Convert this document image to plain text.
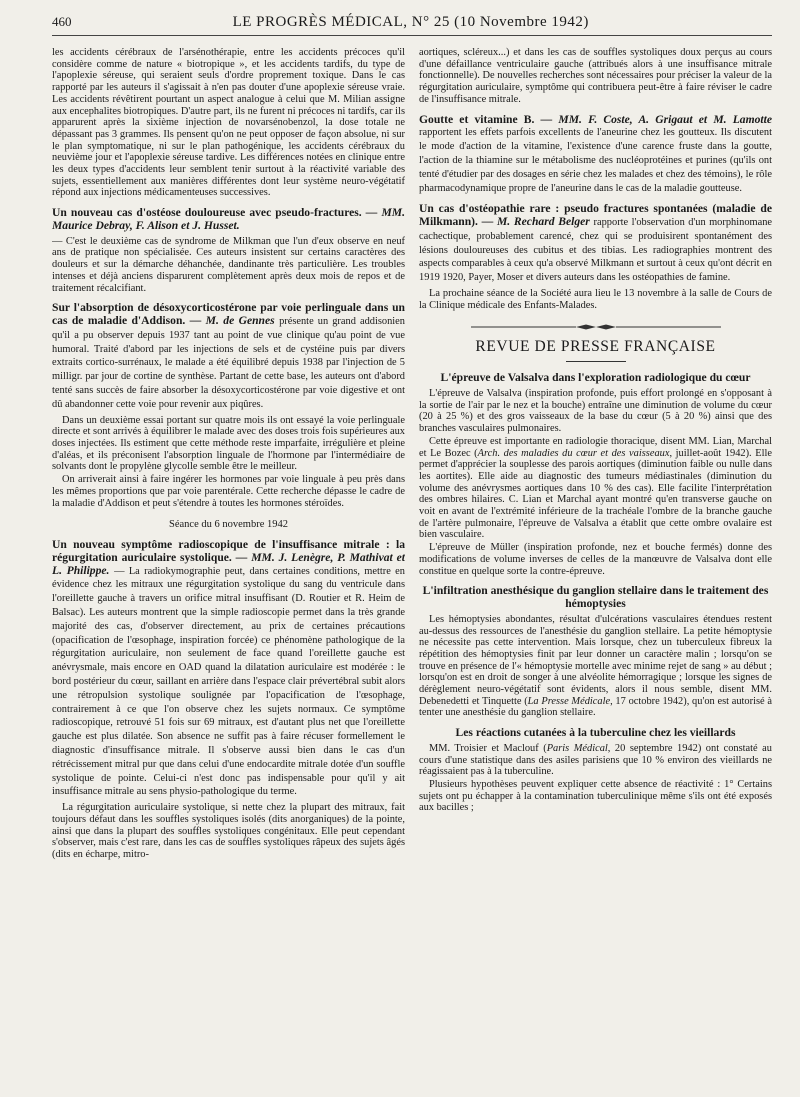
460	LE PROGRÈS MÉDICAL, N° 25 (10 Novembre 1942)

les accidents cérébraux de l'arsénothérapie, entre les accidents précoces qu'il considère comme de nature « biotropique », et les accidents tardifs, du type de l'apoplexie séreuse, qui seraient seuls d'ordre proprement toxique. Dans le cas rapporté par les auteurs il s'agissait à n'en pas douter d'une apoplexie séreuse vraie. Les accidents révêtirent pourtant un aspect analogue à celui que M. Milian assigne aux encephalites biotropiques. D'autre part, ils ne furent ni précoces ni tardifs, car ils apparurent après la sixième injection de novarsénobenzol, la dose totale ne dépassant pas 3 grammes. Ils pensent qu'on ne peut opposer de façon absolue, ni sur le plan symptomatique, ni sur le plan pathogénique, les accidents cérébraux du neuvième jour et l'apoplexie séreuse tardive. Les différences notées en clinique entre les deux types d'accidents leur semblent tenir surtout à la réactivité variable des sujets, essentiellement aux manières différentes dont leur système neuro-végétatif répond aux injections médicamenteuses successives.

Un nouveau cas d'ostéose douloureuse avec pseudo-fractures. — MM. Maurice Debray, F. Alison et J. Husset.

— C'est le deuxième cas de syndrome de Milkman que l'un d'eux observe en neuf ans de pratique non spécialisée. Ces auteurs insistent sur certains caractères des douleurs et sur la démarche déhanchée, dandinante très particulière. Les troubles intenses et déjà anciens disparurent complètement après deux mois de repos et de traitement récalcifiant.

Sur l'absorption de désoxycorticostérone par voie perlinguale dans un cas de maladie d'Addison. — M. de Gennes présente un grand addisonien qu'il a pu observer depuis 1937 tant au point de vue clinique qu'au point de vue humoral. Traité d'abord par les injections de sels et de cystéine puis par divers extraits cortico-surrénaux, le malade a été équilibré depuis 1938 par l'injection de 5 milligr. par jour de cortine de synthèse. Partant de cette base, les auteurs ont d'abord tenté sans succès de faire absorber la désoxycorticostérone par voie digestive et ont dû abandonner cette voie pour revenir aux piqûres.

Dans un deuxième essai portant sur quatre mois ils ont essayé la voie perlinguale directe et sont arrivés à équilibrer le malade avec des doses trois fois supérieures aux doses injectées. Ils estiment que cette méthode reste imparfaite, irrégulière et pleine d'aléas, et ils préconisent l'absorption linguale de l'hormone par l'intermédiaire de solvants dont le propylène glycolle semble être le meilleur.

On arriverait ainsi à faire ingérer les hormones par voie linguale à peu près dans les mêmes proportions que par voie parentérale. Cette recherche dépasse le cadre de la maladie d'Addison et peut s'étendre à toutes les hormones stéroïdes.

Séance du 6 novembre 1942
Un nouveau symptôme radioscopique de l'insuffisance mitrale : la régurgitation auriculaire systolique. — MM. J. Lenègre, P. Mathivat et L. Philippe. — La radiokymographie peut, dans certaines conditions, mettre en évidence chez les mitraux une régurgitation systolique du sang du ventricule dans l'oreillette gauche à travers un orifice mitral insuffisant (D. Routier et R. Heim de Balsac). Les auteurs montrent que la simple radioscopie permet dans la très grande majorité des cas, d'observer directement, au prix de certaines précautions (opacification de l'œsophage, inspiration forcée) ce phénomène pathologique de la régurgitation auriculaire, non seulement de face quand l'oreillette gauche est anévrysmale, mais encore en OAD quand la dilatation auriculaire est modérée : le bord postérieur du cœur, saillant en arrière dans l'espace clair prévertébral subit alors une rétropulsion systolique soulignée par l'opacification de l'œsophage, contrairement à ce que l'on observe chez les sujets normaux. Ce symptôme radioscopique, retrouvé 51 fois sur 69 mitraux, est d'autant plus net que l'oreillette gauche est plus dilatée. Son absence ne suffit pas à faire récuser formellement le diagnostic d'insuffisance mitrale. Il s'observe aussi bien dans le cas d'un rétrécissement mitral pur que dans celui d'une endocardite mitrale dotée d'un souffle systolique de pointe. Celui-ci n'est donc pas indispensable pour qu'il y ait insuffisance mitrale au sens physio-pathologique du terme.

La régurgitation auriculaire systolique, si nette chez la plupart des mitraux, fait toujours défaut dans les souffles systoliques isolés (dits anorganiques) de la pointe, ainsi que dans la plupart des souffles systoliques congénitaux. Elle peut cependant s'observer, mais c'est rare, dans les cas de souffles systoliques râpeux des sujets âgés (dits en écharpe, mitro-

aortiques, scléreux...) et dans les cas de souffles systoliques doux perçus au cours d'une défaillance ventriculaire gauche (attribués alors à une insuffisance mitrale fonctionnelle). De nouvelles recherches sont nécessaires pour préciser la valeur de la régurgitation auriculaire, symptôme qui contribuera peut-être à faire réviser le cadre de l'insuffisance mitrale.

Goutte et vitamine B. — MM. F. Coste, A. Grigaut et M. Lamotte rapportent les effets parfois excellents de l'aneurine chez les goutteux. Ils discutent le mode d'action de la vitamine, l'existence d'une carence fruste dans la goutte, l'action de la thiamine sur le métabolisme des nucléoprotéines et purines (qu'ils ont tenté d'étudier par des dosages en série chez les malades et chez des témoins), le rôle pharmacodynamique propre de l'aneurine dans le cas de la maladie goutteuse.
Un cas d'ostéopathie rare : pseudo fractures spontanées (maladie de Milkmann). — M. Rechard Belger rapporte l'observation d'un morphinomane cachectique, probablement carencé, chez qui se produisirent spontanément des lésions douloureuses des cubitus et des tibias. Les radiographies montrent des aspects comparables à ceux qu'a observé Milkmann et surtout à ceux qu'ont décrit en 1919 1920, Payer, Moser et divers auteurs dans les ostéopathies de famine.

La prochaine séance de la Société aura lieu le 13 novembre à la salle de Cours de la Clinique médicale des Enfants-Malades.

REVUE DE PRESSE FRANÇAISE
L'épreuve de Valsalva dans l'exploration radiologique du cœur

L'épreuve de Valsalva (inspiration profonde, puis effort prolongé en s'opposant à la sortie de l'air par le nez et la bouche) entraîne une diminution de volume du cœur (20 à 25 %) et des gros vaisseaux de la base du cœur (5 à 20 %) ainsi que des branches vasculaires pulmonaires.

Cette épreuve est importante en radiologie thoracique, disent MM. Lian, Marchal et Le Bozec (Arch. des maladies du cœur et des vaisseaux, juillet-août 1942). Elle permet d'apprécier la souplesse des parois aortiques (diminution faible ou nulle dans les aortites). Elle aide au diagnostic des tumeurs médiastinales (diminution du volume des anévrysmes aortiques dans 10 % des cas). Elle facilite l'interprétation des ombres hilaires. C. Lian et Marchal ayant montré qu'en transverse gauche on voit en avant de l'extrémité inférieure de la trachéale l'ombre de la branche gauche de l'artère pulmonaire, l'épreuve de Valsalva a établit que cette ombre ovalaire est bien vasculaire.

L'épreuve de Müller (inspiration profonde, nez et bouche fermés) donne des modifications de volume inverses de celles de la manœuvre de Valsalva dont elle constitue en quelque sorte la contre-épreuve.

L'infiltration anesthésique du ganglion stellaire dans le traitement des hémoptysies

Les hémoptysies abondantes, résultat d'ulcérations vasculaires étendues restent au-dessus des ressources de l'anesthésie du ganglion stellaire. La petite hémoptysie ne nécessite pas cette intervention. Mais lorsque, chez un tuberculeux fibreux la répétition des hémoptysies finit par leur donner un caractère malin ; lorsqu'on se trouve en présence de l'« hémoptysie mortelle avec minime rejet de sang » au début ; lorsqu'on est en droit de songer à une alvéolite hémorragique ; lorsque les signes de dérèglement neuro-végétatif sont évidents, alors il nous semble, disent MM. Debenedetti et Tinquette (La Presse Médicale, 17 octobre 1942), qu'on est autorisé à tenter une anesthésie du ganglion stellaire.

Les réactions cutanées à la tuberculine chez les vieillards

MM. Troisier et Maclouf (Paris Médical, 20 septembre 1942) ont constaté au cours d'une statistique dans des asiles parisiens que 10 % environ des vieillards ne réagissaient pas à la tuberculine.

Plusieurs hypothèses peuvent expliquer cette absence de réactivité : 1° Certains sujets ont pu échapper à la contamination tuberculinique même s'ils ont été exposés aux bacilles ;
